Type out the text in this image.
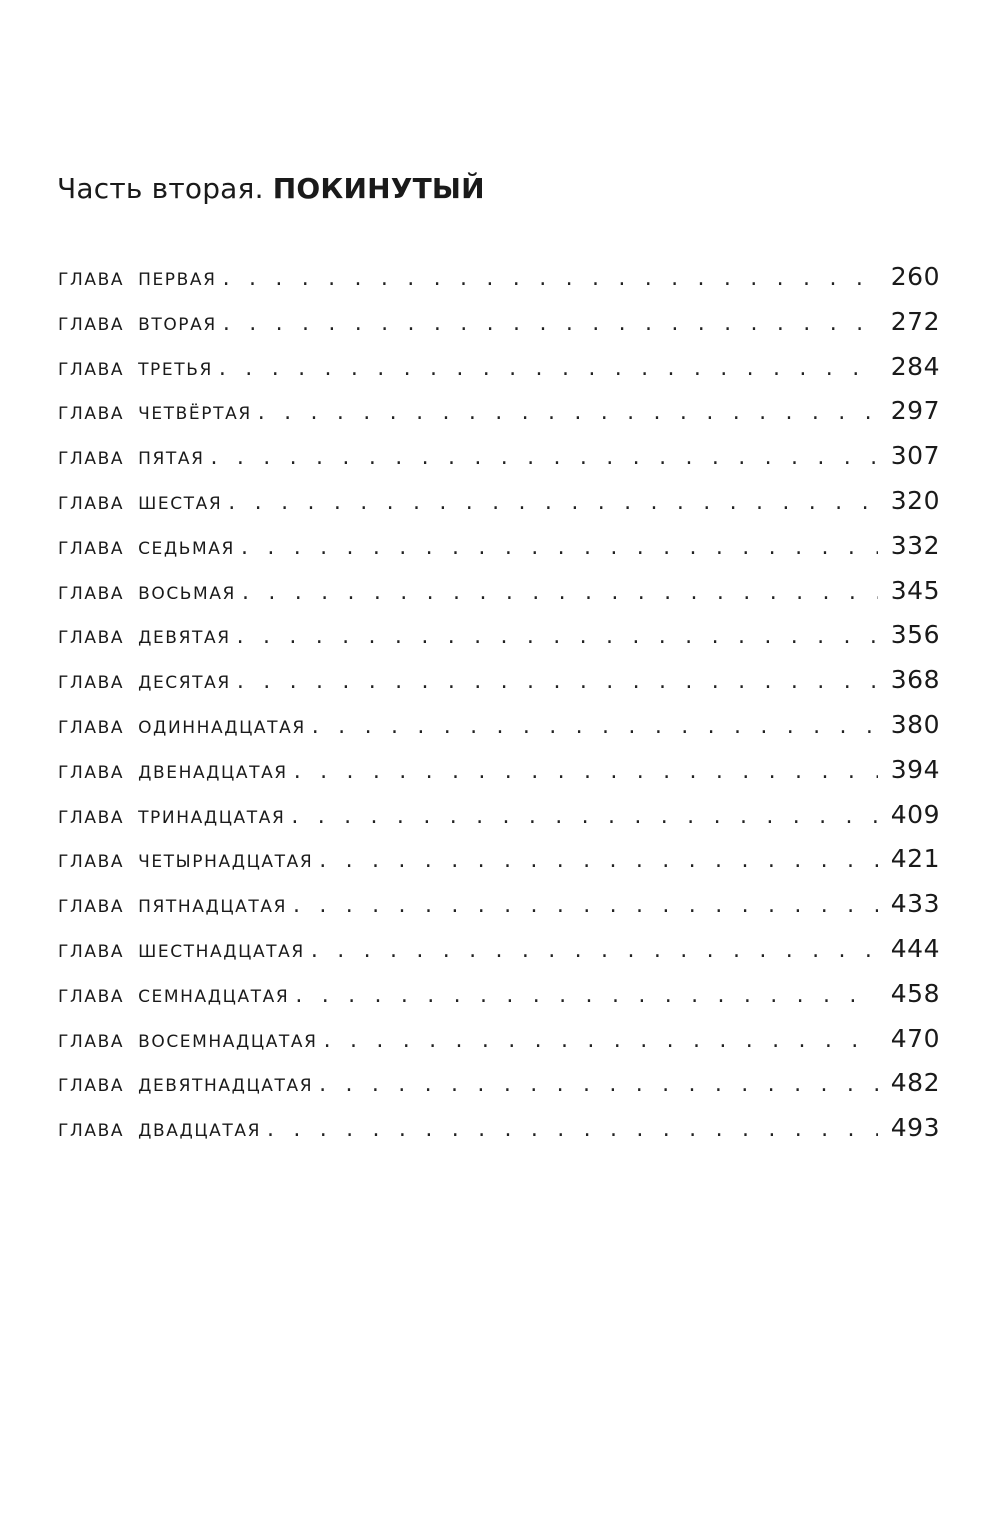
Часть вторая. ПОКИНУТЫЙ
глава первая . . .	260
глава вторая . . .	272
глава третья . . .	284
глава четвёртая . . .	297
глава пятая . . .	307
глава шестая . . .	320
глава седьмая . . .	332
глава восьмая . . .	345
глава девятая . . .	356
глава десятая . . .	368
глава одиннадцатая . . .	380
глава двенадцатая . . .	394
глава тринадцатая . . .	409
глава четырнадцатая . . .	421
глава пятнадцатая . . .	433
глава шестнадцатая . . .	444
глава семнадцатая . . .	458
глава восемнадцатая . . .	470
глава девятнадцатая . . .	482
глава двадцатая . . .	493
